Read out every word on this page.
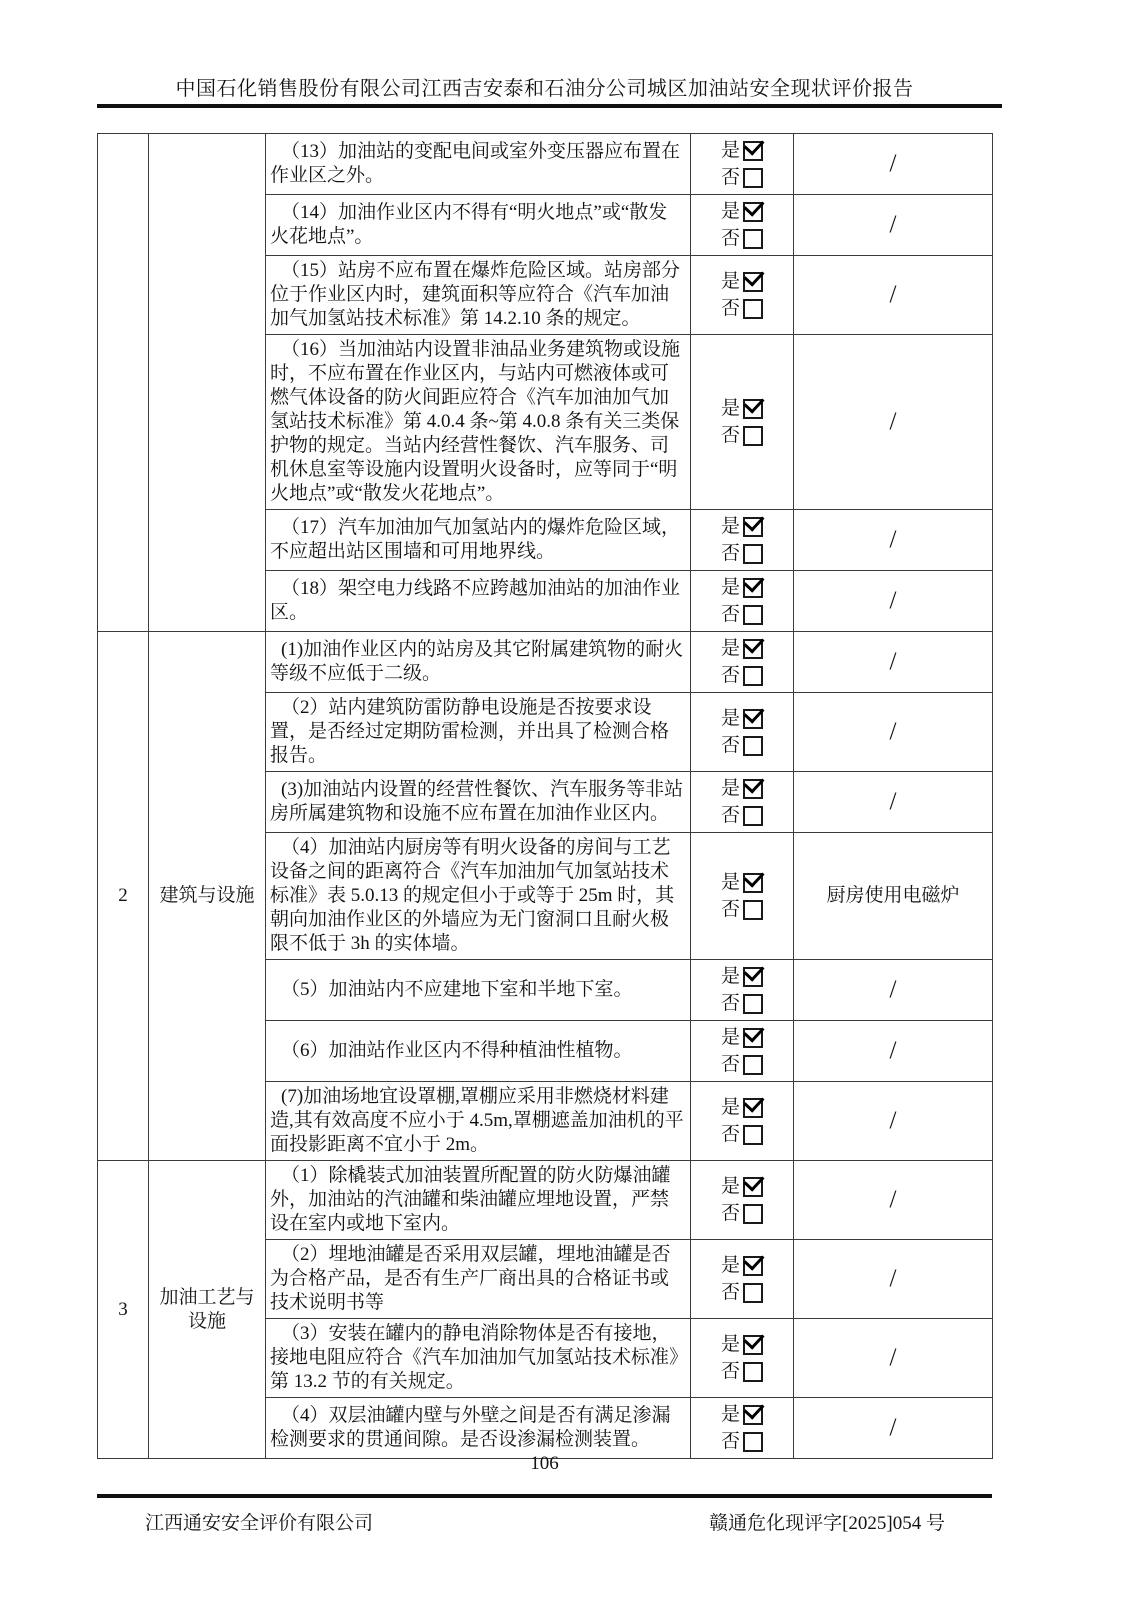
中国石化销售股份有限公司江西吉安泰和石油分公司城区加油站安全现状评价报告
		（13）加油站的变配电间或室外变压器应布置在作业区之外。	是
否	/
		（14）加油作业区内不得有“明火地点”或“散发火花地点”。	是
否	/
		（15）站房不应布置在爆炸危险区域。站房部分位于作业区内时，建筑面积等应符合《汽车加油加气加氢站技术标准》第 14.2.10 条的规定。	是
否	/
		（16）当加油站内设置非油品业务建筑物或设施时，不应布置在作业区内，与站内可燃液体或可燃气体设备的防火间距应符合《汽车加油加气加氢站技术标准》第 4.0.4 条~第 4.0.8 条有关三类保护物的规定。当站内经营性餐饮、汽车服务、司机休息室等设施内设置明火设备时，应等同于“明火地点”或“散发火花地点”。	是
否	/
		（17）汽车加油加气加氢站内的爆炸危险区域，不应超出站区围墙和可用地界线。	是
否	/
		（18）架空电力线路不应跨越加油站的加油作业区。	是
否	/
2	建筑与设施	(1)加油作业区内的站房及其它附属建筑物的耐火等级不应低于二级。	是
否	/
		（2）站内建筑防雷防静电设施是否按要求设置，是否经过定期防雷检测，并出具了检测合格报告。	是
否	/
		(3)加油站内设置的经营性餐饮、汽车服务等非站房所属建筑物和设施不应布置在加油作业区内。	是
否	/
		（4）加油站内厨房等有明火设备的房间与工艺设备之间的距离符合《汽车加油加气加氢站技术标准》表 5.0.13 的规定但小于或等于 25m 时，其朝向加油作业区的外墙应为无门窗洞口且耐火极限不低于 3h 的实体墙。	是
否	厨房使用电磁炉
		（5）加油站内不应建地下室和半地下室。	是
否	/
		（6）加油站作业区内不得种植油性植物。	是
否	/
		(7)加油场地宜设罩棚,罩棚应采用非燃烧材料建造,其有效高度不应小于 4.5m,罩棚遮盖加油机的平面投影距离不宜小于 2m。	是
否	/
3	加油工艺与设施	（1）除橇装式加油装置所配置的防火防爆油罐外，加油站的汽油罐和柴油罐应埋地设置，严禁设在室内或地下室内。	是
否	/
		（2）埋地油罐是否采用双层罐，埋地油罐是否为合格产品，是否有生产厂商出具的合格证书或技术说明书等	是
否	/
		（3）安装在罐内的静电消除物体是否有接地，接地电阻应符合《汽车加油加气加氢站技术标准》第 13.2 节的有关规定。	是
否	/
		（4）双层油罐内壁与外壁之间是否有满足渗漏检测要求的贯通间隙。是否设渗漏检测装置。	是
否	/
106
江西通安安全评价有限公司	赣通危化现评字[2025]054 号
